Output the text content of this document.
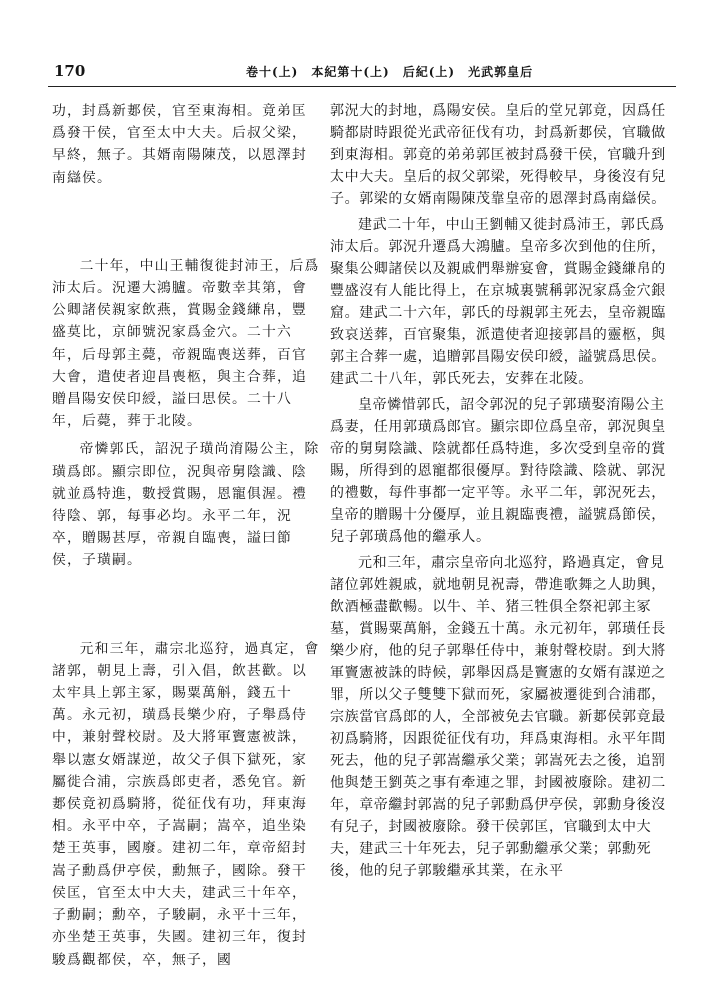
170	卷十(上)　本紀第十(上)　后紀(上)　光武郭皇后

功，封爲新郪侯，官至東海相。竟弟匡爲發干侯，官至太中大夫。后叔父梁，早終，無子。其婿南陽陳茂，以恩澤封南䜌侯。

二十年，中山王輔復徙封沛王，后爲沛太后。況遷大鴻臚。帝數幸其第，會公卿諸侯親家飲燕，賞賜金錢縑帛，豐盛莫比，京師號況家爲金穴。二十六年，后母郭主薨，帝親臨喪送葬，百官大會，遣使者迎昌喪柩，與主合葬，追贈昌陽安侯印綬，謚曰思侯。二十八年，后薨，葬于北陵。

帝憐郭氏，詔況子璜尚淯陽公主，除璜爲郎。顯宗即位，況與帝舅陰識、陰就並爲特進，數授賞賜，恩寵俱渥。禮待陰、郭，每事必均。永平二年，況卒，贈賜甚厚，帝親自臨喪，謚曰節侯，子璜嗣。

元和三年，肅宗北巡狩，過真定，會諸郭，朝見上壽，引入倡，飲甚歡。以太牢具上郭主冢，賜粟萬斛，錢五十萬。永元初，璜爲長樂少府，子舉爲侍中，兼射聲校尉。及大將軍竇憲被誅，舉以憲女婿謀逆，故父子俱下獄死，家屬徙合浦，宗族爲郎吏者，悉免官。新郪侯竟初爲騎將，從征伐有功，拜東海相。永平中卒，子嵩嗣；嵩卒，追坐染楚王英事，國廢。建初二年，章帝紹封嵩子勳爲伊亭侯，勳無子，國除。發干侯匡，官至太中大夫，建武三十年卒，子勳嗣；勳卒，子駿嗣，永平十三年，亦坐楚王英事，失國。建初三年，復封駿爲觀都侯，卒，無子，國

郭況大的封地，爲陽安侯。皇后的堂兄郭竟，因爲任騎都尉時跟從光武帝征伐有功，封爲新郪侯，官職做到東海相。郭竟的弟弟郭匡被封爲發干侯，官職升到太中大夫。皇后的叔父郭梁，死得較早，身後沒有兒子。郭梁的女婿南陽陳茂靠皇帝的恩澤封爲南䜌侯。

建武二十年，中山王劉輔又徙封爲沛王，郭氏爲沛太后。郭況升遷爲大鴻臚。皇帝多次到他的住所，聚集公卿諸侯以及親戚們舉辦宴會，賞賜金錢縑帛的豐盛沒有人能比得上，在京城裏號稱郭況家爲金穴銀窟。建武二十六年，郭氏的母親郭主死去，皇帝親臨致哀送葬，百官聚集，派遣使者迎接郭昌的靈柩，與郭主合葬一處，追贈郭昌陽安侯印綬，謚號爲思侯。建武二十八年，郭氏死去，安葬在北陵。

皇帝憐惜郭氏，詔令郭況的兒子郭璜娶淯陽公主爲妻，任用郭璜爲郎官。顯宗即位爲皇帝，郭況與皇帝的舅舅陰識、陰就都任爲特進，多次受到皇帝的賞賜，所得到的恩寵都很優厚。對待陰識、陰就、郭況的禮數，每件事都一定平等。永平二年，郭況死去，皇帝的贈賜十分優厚，並且親臨喪禮，謚號爲節侯，兒子郭璜爲他的繼承人。

元和三年，肅宗皇帝向北巡狩，路過真定，會見諸位郭姓親戚，就地朝見祝壽，帶進歌舞之人助興，飲酒極盡歡暢。以牛、羊、猪三牲俱全祭祀郭主冢墓，賞賜粟萬斛，金錢五十萬。永元初年，郭璜任長樂少府，他的兒子郭舉任侍中，兼射聲校尉。到大將軍竇憲被誅的時候，郭舉因爲是竇憲的女婿有謀逆之罪，所以父子雙雙下獄而死，家屬被遷徙到合浦郡，宗族當官爲郎的人，全部被免去官職。新郪侯郭竟最初爲騎將，因跟從征伐有功，拜爲東海相。永平年間死去，他的兒子郭嵩繼承父業；郭嵩死去之後，追罰他與楚王劉英之事有牽連之罪，封國被廢除。建初二年，章帝繼封郭嵩的兒子郭勳爲伊亭侯，郭勳身後沒有兒子，封國被廢除。發干侯郭匡，官職到太中大夫，建武三十年死去，兒子郭勳繼承父業；郭勳死後，他的兒子郭駿繼承其業，在永平
